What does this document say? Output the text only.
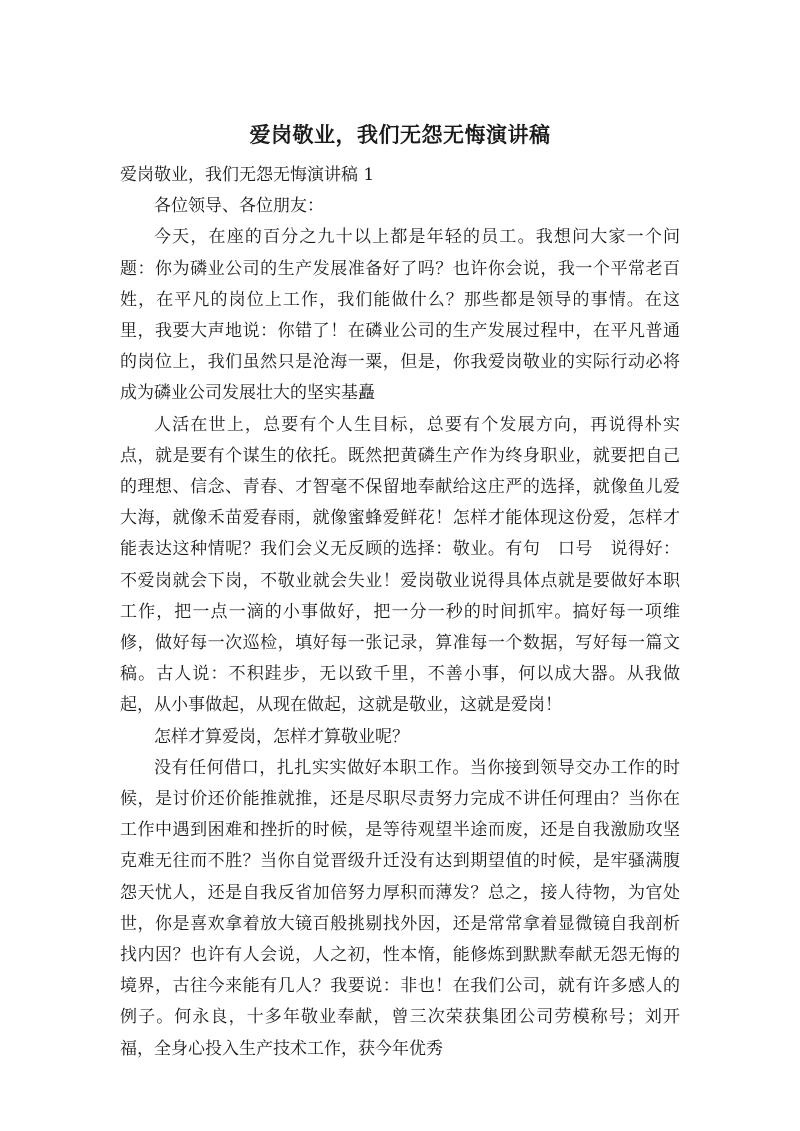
爱岗敬业，我们无怨无悔演讲稿

爱岗敬业，我们无怨无悔演讲稿 1

各位领导、各位朋友：

今天，在座的百分之九十以上都是年轻的员工。我想问大家一个问题：你为磷业公司的生产发展准备好了吗？也许你会说，我一个平常老百姓，在平凡的岗位上工作，我们能做什么？那些都是领导的事情。在这里，我要大声地说：你错了！在磷业公司的生产发展过程中，在平凡普通的岗位上，我们虽然只是沧海一粟，但是，你我爱岗敬业的实际行动必将成为磷业公司发展壮大的坚实基矗

人活在世上，总要有个人生目标，总要有个发展方向，再说得朴实点，就是要有个谋生的依托。既然把黄磷生产作为终身职业，就要把自己的理想、信念、青春、才智毫不保留地奉献给这庄严的选择，就像鱼儿爱大海，就像禾苗爱春雨，就像蜜蜂爱鲜花！怎样才能体现这份爱，怎样才能表达这种情呢？我们会义无反顾的选择：敬业。有句　口号　说得好：不爱岗就会下岗，不敬业就会失业！爱岗敬业说得具体点就是要做好本职工作，把一点一滴的小事做好，把一分一秒的时间抓牢。搞好每一项维修，做好每一次巡检，填好每一张记录，算准每一个数据，写好每一篇文稿。古人说：不积跬步，无以致千里，不善小事，何以成大器。从我做起，从小事做起，从现在做起，这就是敬业，这就是爱岗！

怎样才算爱岗，怎样才算敬业呢？

没有任何借口，扎扎实实做好本职工作。当你接到领导交办工作的时候，是讨价还价能推就推，还是尽职尽责努力完成不讲任何理由？当你在工作中遇到困难和挫折的时候，是等待观望半途而废，还是自我激励攻坚克难无往而不胜？当你自觉晋级升迁没有达到期望值的时候，是牢骚满腹怨天忧人，还是自我反省加倍努力厚积而薄发？总之，接人待物，为官处世，你是喜欢拿着放大镜百般挑剔找外因，还是常常拿着显微镜自我剖析找内因？也许有人会说，人之初，性本惰，能修炼到默默奉献无怨无悔的境界，古往今来能有几人？我要说：非也！在我们公司，就有许多感人的例子。何永良，十多年敬业奉献，曾三次荣获集团公司劳模称号；刘开福，全身心投入生产技术工作，获今年优秀
